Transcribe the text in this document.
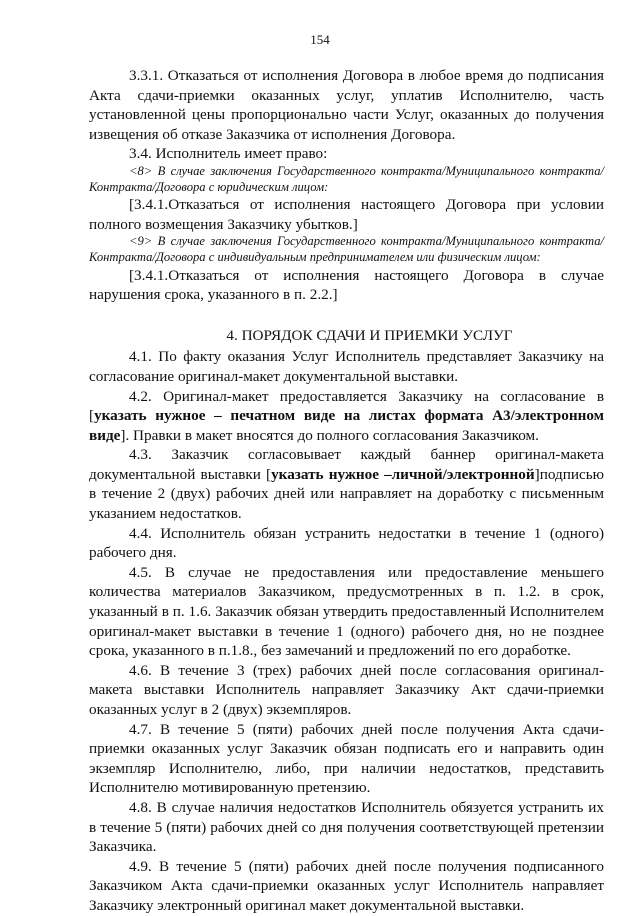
154

3.3.1. Отказаться от исполнения Договора в любое время до подписания Акта сдачи-приемки оказанных услуг, уплатив Исполнителю, часть установленной цены пропорционально части Услуг, оказанных до получения извещения об отказе Заказчика от исполнения Договора.

3.4. Исполнитель имеет право:

<8> В случае заключения Государственного контракта/Муниципального контракта/Контракта/Договора с юридическим лицом:

[3.4.1.Отказаться от исполнения настоящего Договора при условии полного возмещения Заказчику убытков.]

<9> В случае заключения Государственного контракта/Муниципального контракта/Контракта/Договора с индивидуальным предпринимателем или физическим лицом:

[3.4.1.Отказаться от исполнения настоящего Договора в случае нарушения срока, указанного в п. 2.2.]

4. ПОРЯДОК СДАЧИ И ПРИЕМКИ УСЛУГ

4.1. По факту оказания Услуг Исполнитель представляет Заказчику на согласование оригинал-макет документальной выставки.

4.2. Оригинал-макет предоставляется Заказчику на согласование в [указать нужное – печатном виде на листах формата А3/электронном виде]. Правки в макет вносятся до полного согласования Заказчиком.

4.3. Заказчик согласовывает каждый баннер оригинал-макета документальной выставки [указать нужное –личной/электронной]подписью в течение 2 (двух) рабочих дней или направляет на доработку с письменным указанием недостатков.

4.4. Исполнитель обязан устранить недостатки в течение 1 (одного) рабочего дня.

4.5. В случае не предоставления или предоставление меньшего количества материалов Заказчиком, предусмотренных в п. 1.2. в срок, указанный в п. 1.6. Заказчик обязан утвердить предоставленный Исполнителем оригинал-макет выставки в течение 1 (одного) рабочего дня, но не позднее срока, указанного в п.1.8., без замечаний и предложений по его доработке.

4.6. В течение 3 (трех) рабочих дней после согласования оригинал-макета выставки Исполнитель направляет Заказчику Акт сдачи-приемки оказанных услуг в 2 (двух) экземпляров.

4.7. В течение 5 (пяти) рабочих дней после получения Акта сдачи-приемки оказанных услуг Заказчик обязан подписать его и направить один экземпляр Исполнителю, либо, при наличии недостатков, представить Исполнителю мотивированную претензию.

4.8. В случае наличия недостатков Исполнитель обязуется устранить их в течение 5 (пяти) рабочих дней со дня получения соответствующей претензии Заказчика.

4.9. В течение 5 (пяти) рабочих дней после получения подписанного Заказчиком Акта сдачи-приемки оказанных услуг Исполнитель направляет Заказчику электронный оригинал макет документальной выставки.
